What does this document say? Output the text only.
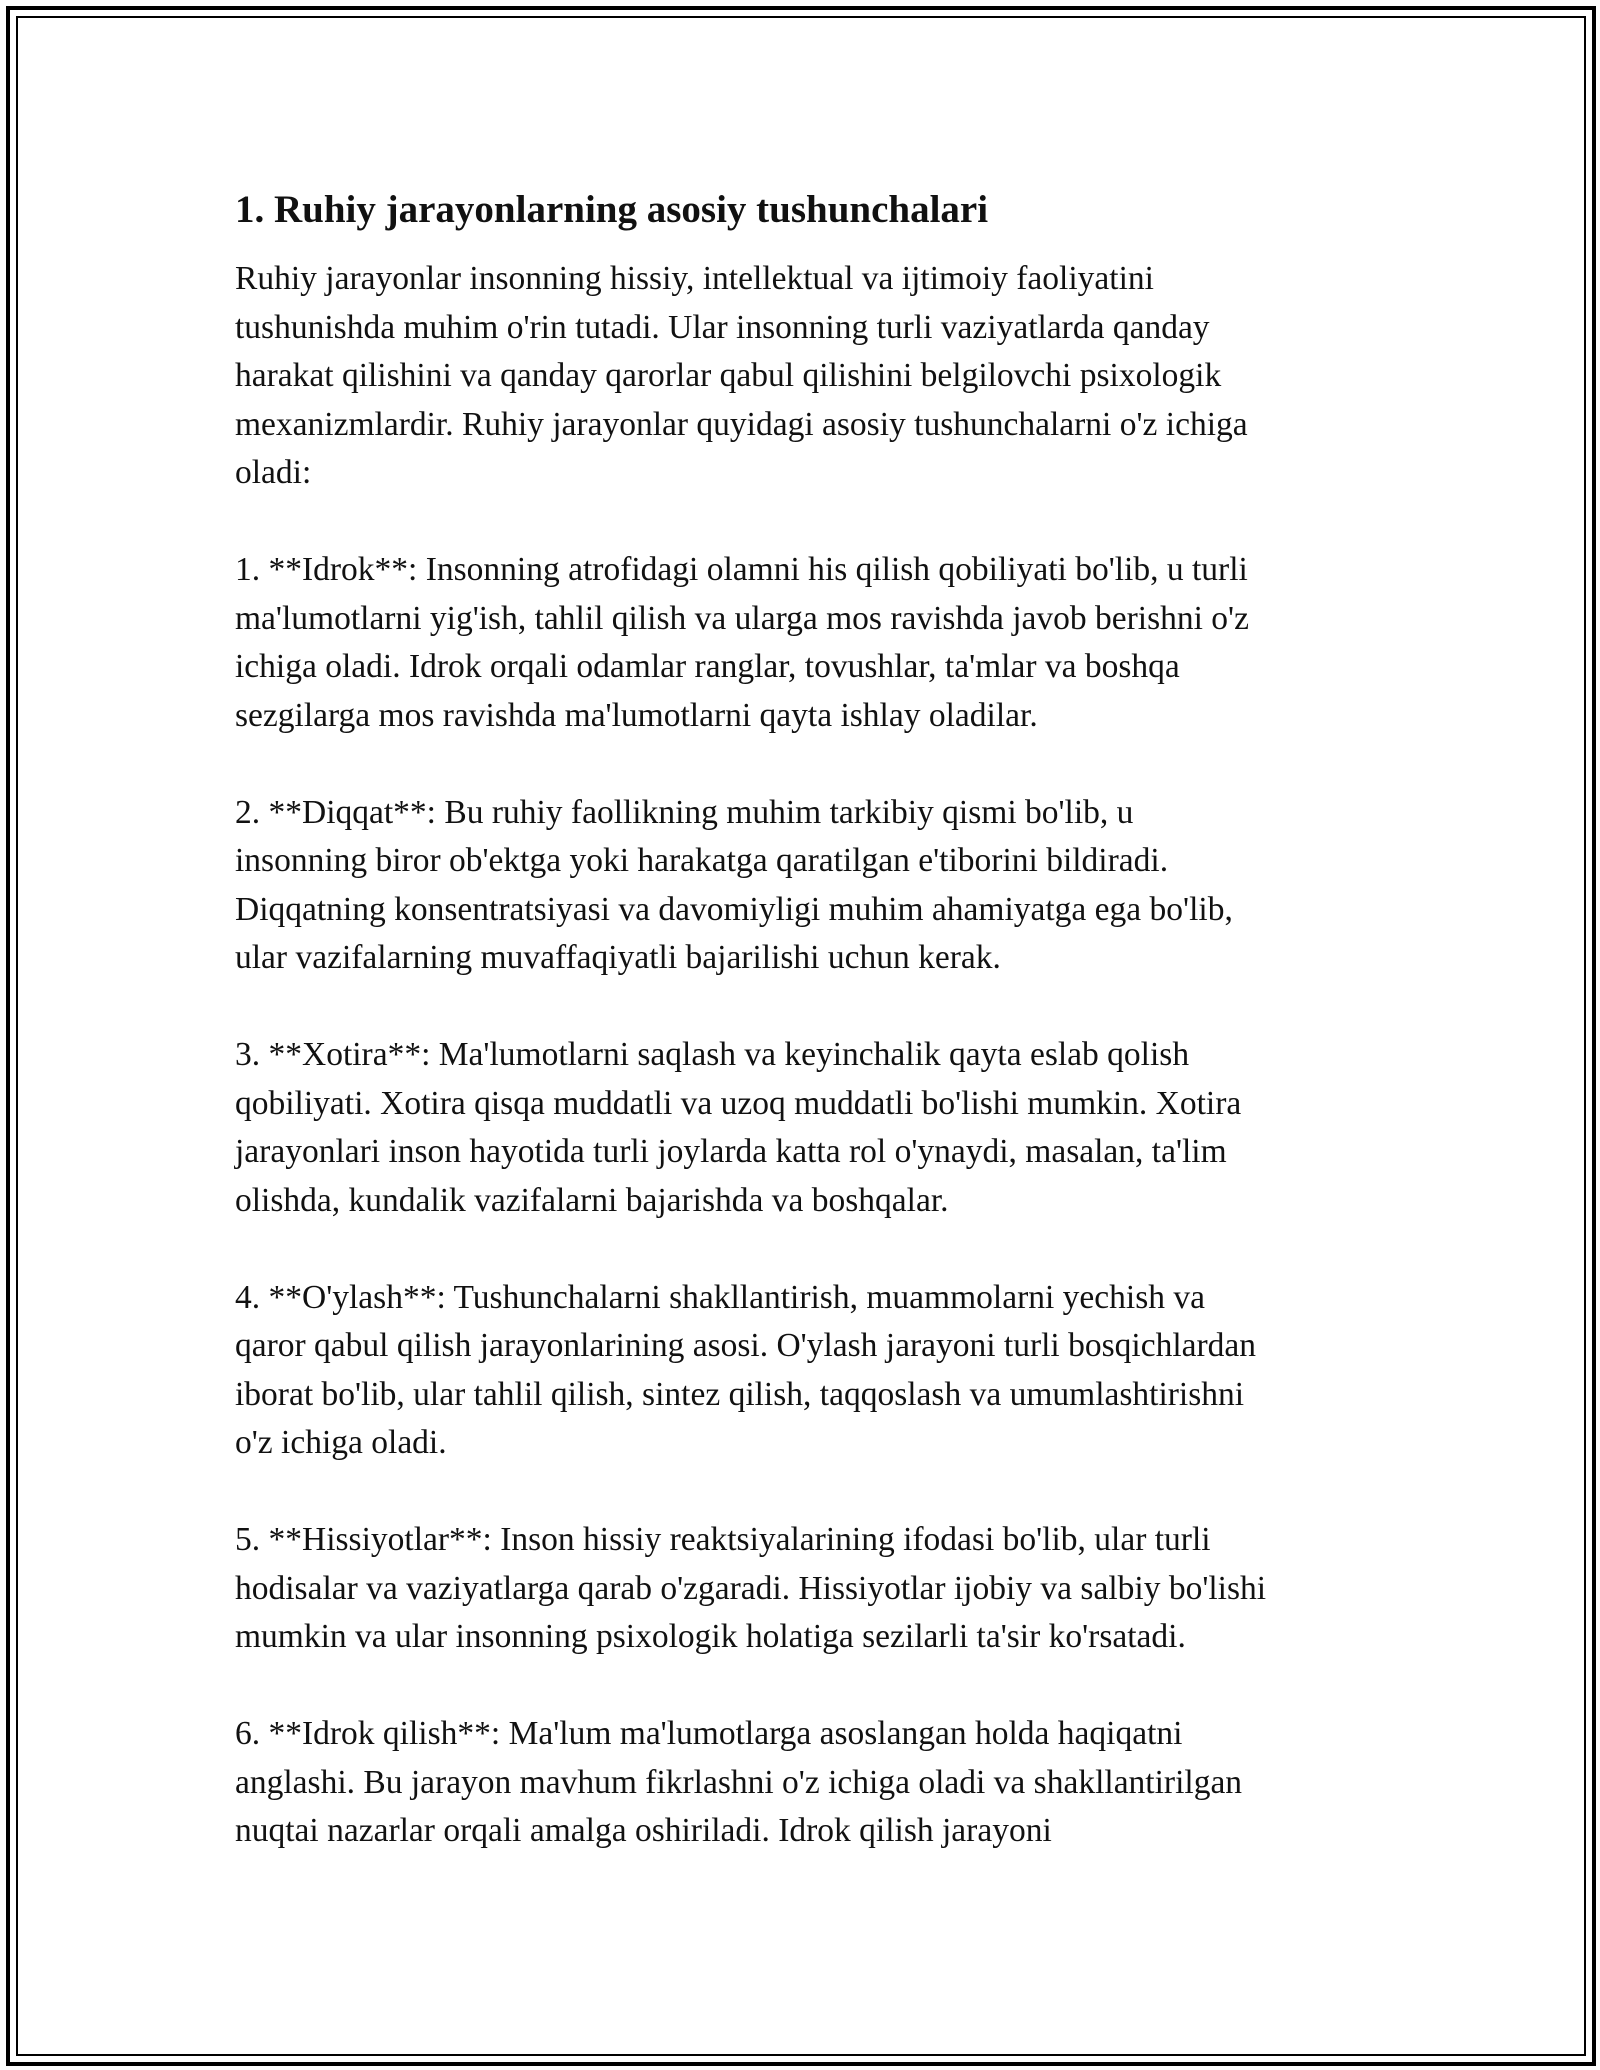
1. Ruhiy jarayonlarning asosiy tushunchalari
Ruhiy jarayonlar insonning hissiy, intellektual va ijtimoiy faoliyatini
tushunishda muhim o'rin tutadi. Ular insonning turli vaziyatlarda qanday
harakat qilishini va qanday qarorlar qabul qilishini belgilovchi psixologik
mexanizmlardir. Ruhiy jarayonlar quyidagi asosiy tushunchalarni o'z ichiga
oladi:
1. **Idrok**: Insonning atrofidagi olamni his qilish qobiliyati bo'lib, u turli
ma'lumotlarni yig'ish, tahlil qilish va ularga mos ravishda javob berishni o'z
ichiga oladi. Idrok orqali odamlar ranglar, tovushlar, ta'mlar va boshqa
sezgilarga mos ravishda ma'lumotlarni qayta ishlay oladilar.
2. **Diqqat**: Bu ruhiy faollikning muhim tarkibiy qismi bo'lib, u
insonning biror ob'ektga yoki harakatga qaratilgan e'tiborini bildiradi.
Diqqatning konsentratsiyasi va davomiyligi muhim ahamiyatga ega bo'lib,
ular vazifalarning muvaffaqiyatli bajarilishi uchun kerak.
3. **Xotira**: Ma'lumotlarni saqlash va keyinchalik qayta eslab qolish
qobiliyati. Xotira qisqa muddatli va uzoq muddatli bo'lishi mumkin. Xotira
jarayonlari inson hayotida turli joylarda katta rol o'ynaydi, masalan, ta'lim
olishda, kundalik vazifalarni bajarishda va boshqalar.
4. **O'ylash**: Tushunchalarni shakllantirish, muammolarni yechish va
qaror qabul qilish jarayonlarining asosi. O'ylash jarayoni turli bosqichlardan
iborat bo'lib, ular tahlil qilish, sintez qilish, taqqoslash va umumlashtirishni
o'z ichiga oladi.
5. **Hissiyotlar**: Inson hissiy reaktsiyalarining ifodasi bo'lib, ular turli
hodisalar va vaziyatlarga qarab o'zgaradi. Hissiyotlar ijobiy va salbiy bo'lishi
mumkin va ular insonning psixologik holatiga sezilarli ta'sir ko'rsatadi.
6. **Idrok qilish**: Ma'lum ma'lumotlarga asoslangan holda haqiqatni
anglashi. Bu jarayon mavhum fikrlashni o'z ichiga oladi va shakllantirilgan
nuqtai nazarlar orqali amalga oshiriladi. Idrok qilish jarayoni
